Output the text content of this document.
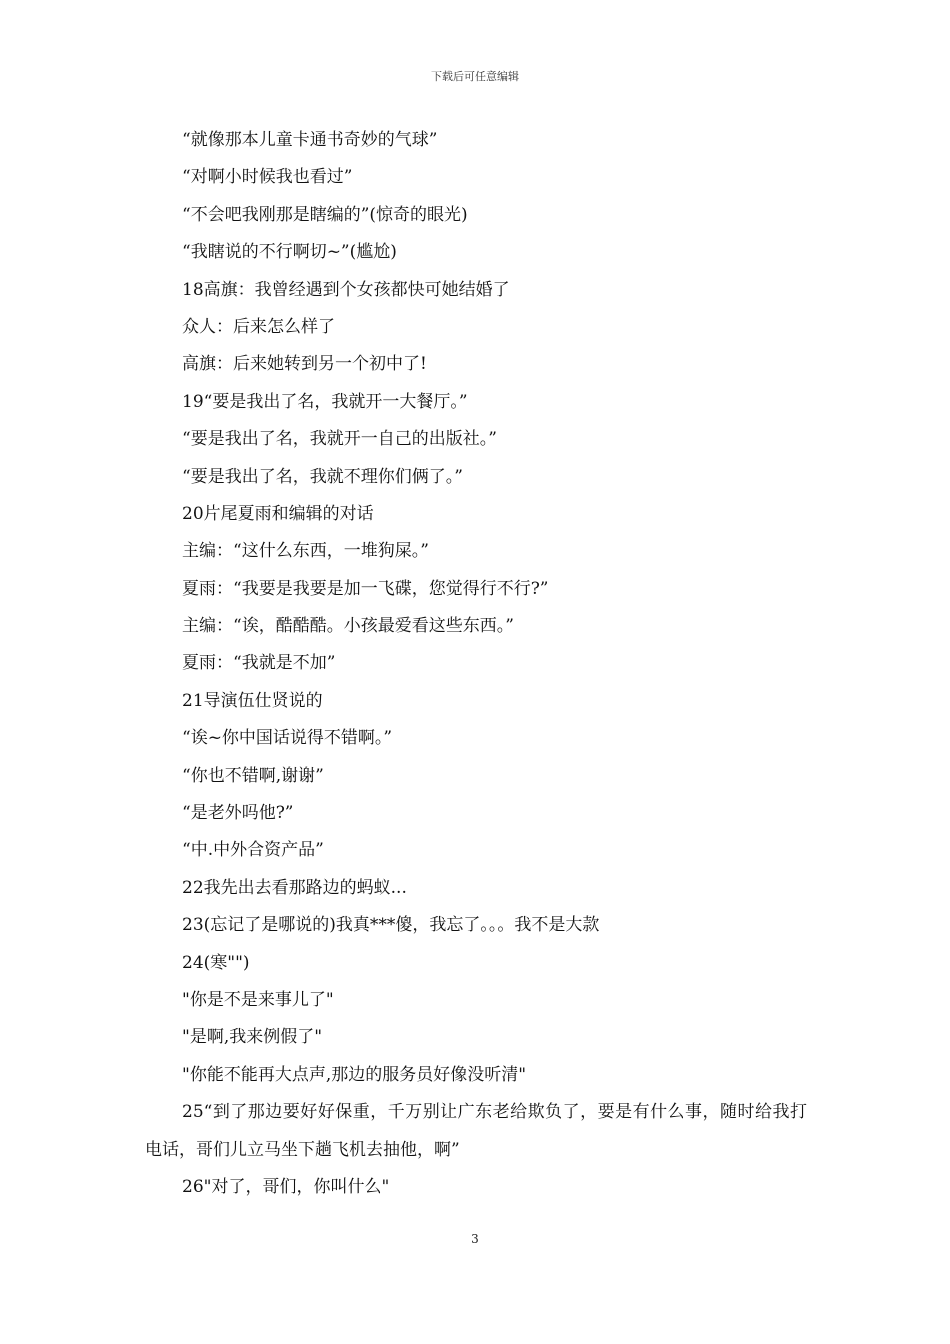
下载后可任意编辑
“就像那本儿童卡通书奇妙的气球”
“对啊小时候我也看过”
“不会吧我刚那是瞎编的”(惊奇的眼光)
“我瞎说的不行啊切~”(尴尬)
18高旗：我曾经遇到个女孩都快可她结婚了
众人：后来怎么样了
高旗：后来她转到另一个初中了!
19“要是我出了名，我就开一大餐厅。”
“要是我出了名，我就开一自己的出版社。”
“要是我出了名，我就不理你们俩了。”
20片尾夏雨和编辑的对话
主编：“这什么东西，一堆狗屎。”
夏雨：“我要是我要是加一飞碟，您觉得行不行?”
主编：“诶，酷酷酷。小孩最爱看这些东西。”
夏雨：“我就是不加”
21导演伍仕贤说的
“诶~你中国话说得不错啊。”
“你也不错啊,谢谢”
“是老外吗他?”
“中.中外合资产品”
22我先出去看那路边的蚂蚁...
23(忘记了是哪说的)我真***傻，我忘了。。。我不是大款
24(寒"")
"你是不是来事儿了"
"是啊,我来例假了"
"你能不能再大点声,那边的服务员好像没听清"
25“到了那边要好好保重，千万别让广东老给欺负了，要是有什么事，随时给我打电话，哥们儿立马坐下趟飞机去抽他，啊”
26"对了，哥们，你叫什么"
3
